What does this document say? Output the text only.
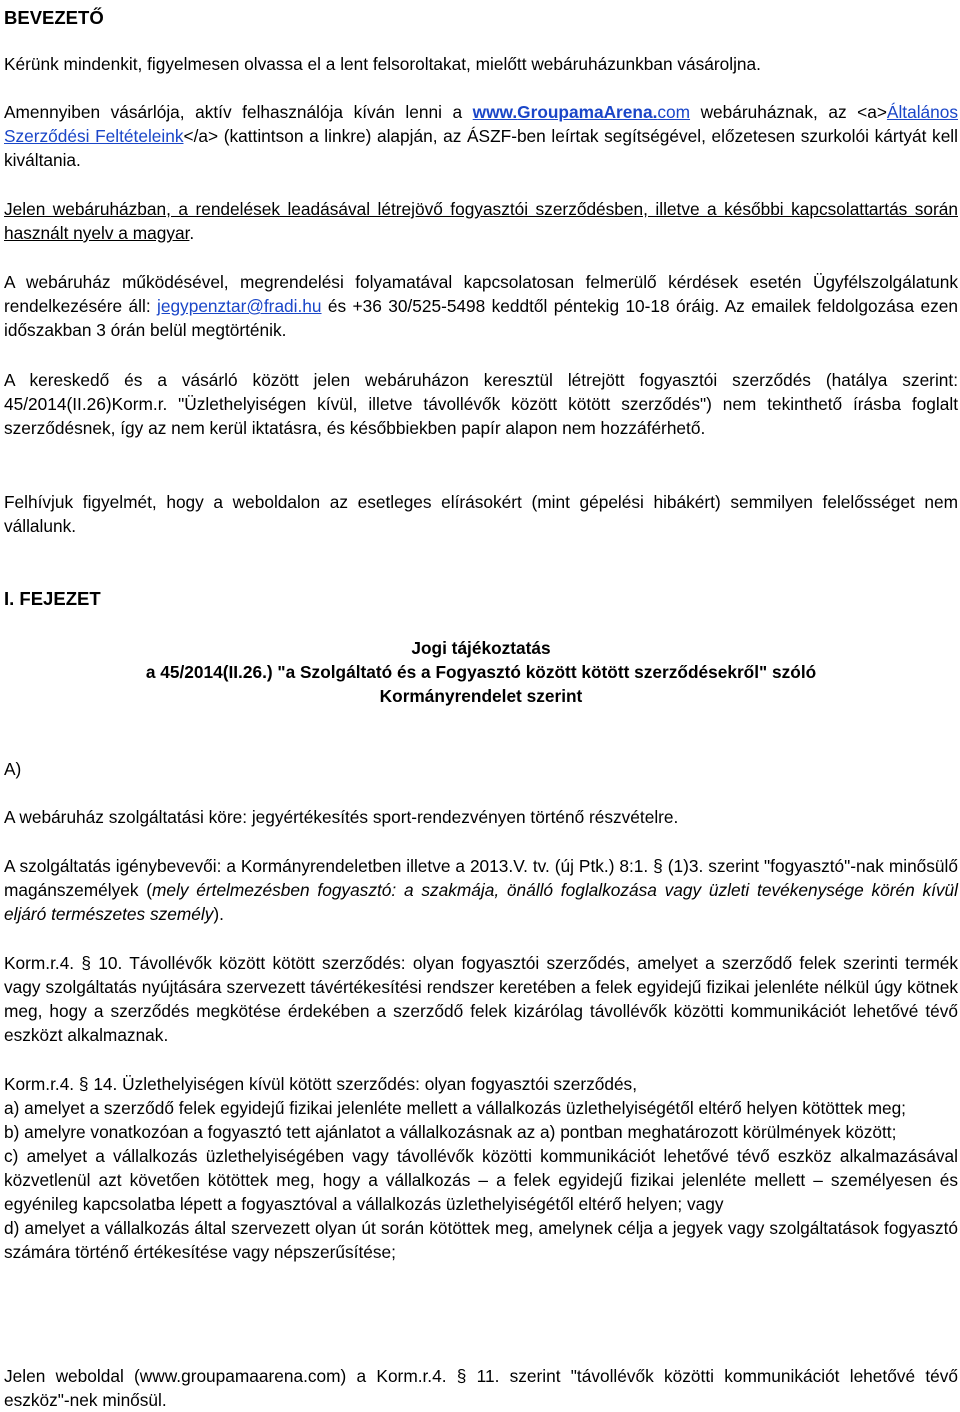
BEVEZETŐ

Kérünk mindenkit, figyelmesen olvassa el a lent felsoroltakat, mielőtt webáruházunkban vásároljna.

Amennyiben vásárlója, aktív felhasználója kíván lenni a www.GroupamaArena.com webáruháznak, az <a>Általános Szerződési Feltételeink</a> (kattintson a linkre) alapján, az ÁSZF-ben leírtak segítségével, előzetesen szurkolói kártyát kell kiváltania.

Jelen webáruházban, a rendelések leadásával létrejövő fogyasztói szerződésben, illetve a későbbi kapcsolattartás során használt nyelv a magyar.

A webáruház működésével, megrendelési folyamatával kapcsolatosan felmerülő kérdések esetén Ügyfélszolgálatunk rendelkezésére áll: jegypenztar@fradi.hu és +36 30/525-5498 keddtől péntekig 10-18 óráig. Az emailek feldolgozása ezen időszakban 3 órán belül megtörténik.

A kereskedő és a vásárló között jelen webáruházon keresztül létrejött fogyasztói szerződés (hatálya szerint: 45/2014(II.26)Korm.r. "Üzlethelyiségen kívül, illetve távollévők között kötött szerződés") nem tekinthető írásba foglalt szerződésnek, így az nem kerül iktatásra, és későbbiekben papír alapon nem hozzáférhető.

Felhívjuk figyelmét, hogy a weboldalon az esetleges elírásokért (mint gépelési hibákért) semmilyen felelősséget nem vállalunk.

I. FEJEZET
Jogi tájékoztatás
a 45/2014(II.26.) "a Szolgáltató és a Fogyasztó között kötött szerződésekről" szóló
Kormányrendelet szerint
A)

A webáruház szolgáltatási köre: jegyértékesítés sport-rendezvényen történő részvételre.

A szolgáltatás igénybevevői: a Kormányrendeletben illetve a 2013.V. tv. (új Ptk.) 8:1. § (1)3. szerint "fogyasztó"-nak minősülő magánszemélyek (mely értelmezésben fogyasztó: a szakmája, önálló foglalkozása vagy üzleti tevékenysége körén kívül eljáró természetes személy).

Korm.r.4. § 10. Távollévők között kötött szerződés: olyan fogyasztói szerződés, amelyet a szerződő felek szerinti termék vagy szolgáltatás nyújtására szervezett távértékesítési rendszer keretében a felek egyidejű fizikai jelenléte nélkül úgy kötnek meg, hogy a szerződés megkötése érdekében a szerződő felek kizárólag távollévők közötti kommunikációt lehetővé tévő eszközt alkalmaznak.

Korm.r.4. § 14. Üzlethelyiségen kívül kötött szerződés: olyan fogyasztói szerződés,
a) amelyet a szerződő felek egyidejű fizikai jelenléte mellett a vállalkozás üzlethelyiségétől eltérő helyen kötöttek meg;
b) amelyre vonatkozóan a fogyasztó tett ajánlatot a vállalkozásnak az a) pontban meghatározott körülmények között;
c) amelyet a vállalkozás üzlethelyiségében vagy távollévők közötti kommunikációt lehetővé tévő eszköz alkalmazásával közvetlenül azt követően kötöttek meg, hogy a vállalkozás – a felek egyidejű fizikai jelenléte mellett – személyesen és egyénileg kapcsolatba lépett a fogyasztóval a vállalkozás üzlethelyiségétől eltérő helyen; vagy
d) amelyet a vállalkozás által szervezett olyan út során kötöttek meg, amelynek célja a jegyek vagy szolgáltatások fogyasztó számára történő értékesítése vagy népszerűsítése;

Jelen weboldal (www.groupamaarena.com) a Korm.r.4. § 11. szerint "távollévők közötti kommunikációt lehetővé tévő eszköz"-nek minősül.
